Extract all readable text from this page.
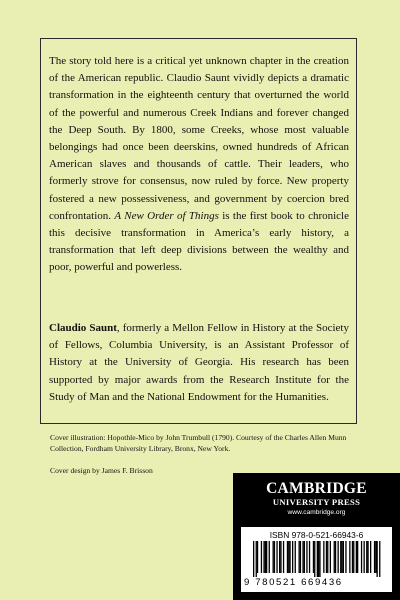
The story told here is a critical yet unknown chapter in the creation of the American republic. Claudio Saunt vividly depicts a dramatic transformation in the eighteenth century that overturned the world of the powerful and numerous Creek Indians and forever changed the Deep South. By 1800, some Creeks, whose most valuable belongings had once been deerskins, owned hundreds of African American slaves and thousands of cattle. Their leaders, who formerly strove for consensus, now ruled by force. New property fostered a new possessiveness, and government by coercion bred confrontation. A New Order of Things is the first book to chronicle this decisive transformation in America’s early history, a transformation that left deep divisions between the wealthy and poor, powerful and powerless.

Claudio Saunt, formerly a Mellon Fellow in History at the Society of Fellows, Columbia University, is an Assistant Professor of History at the University of Georgia. His research has been supported by major awards from the Research Institute for the Study of Man and the National Endowment for the Humanities.

Cover illustration: Hopothle-Mico by John Trumbull (1790). Courtesy of the Charles Allen Munn Collection, Fordham University Library, Bronx, New York.

Cover design by James F. Brisson

CAMBRIDGE
UNIVERSITY PRESS
www.cambridge.org
ISBN 978-0-521-66943-6
9 780521 669436
